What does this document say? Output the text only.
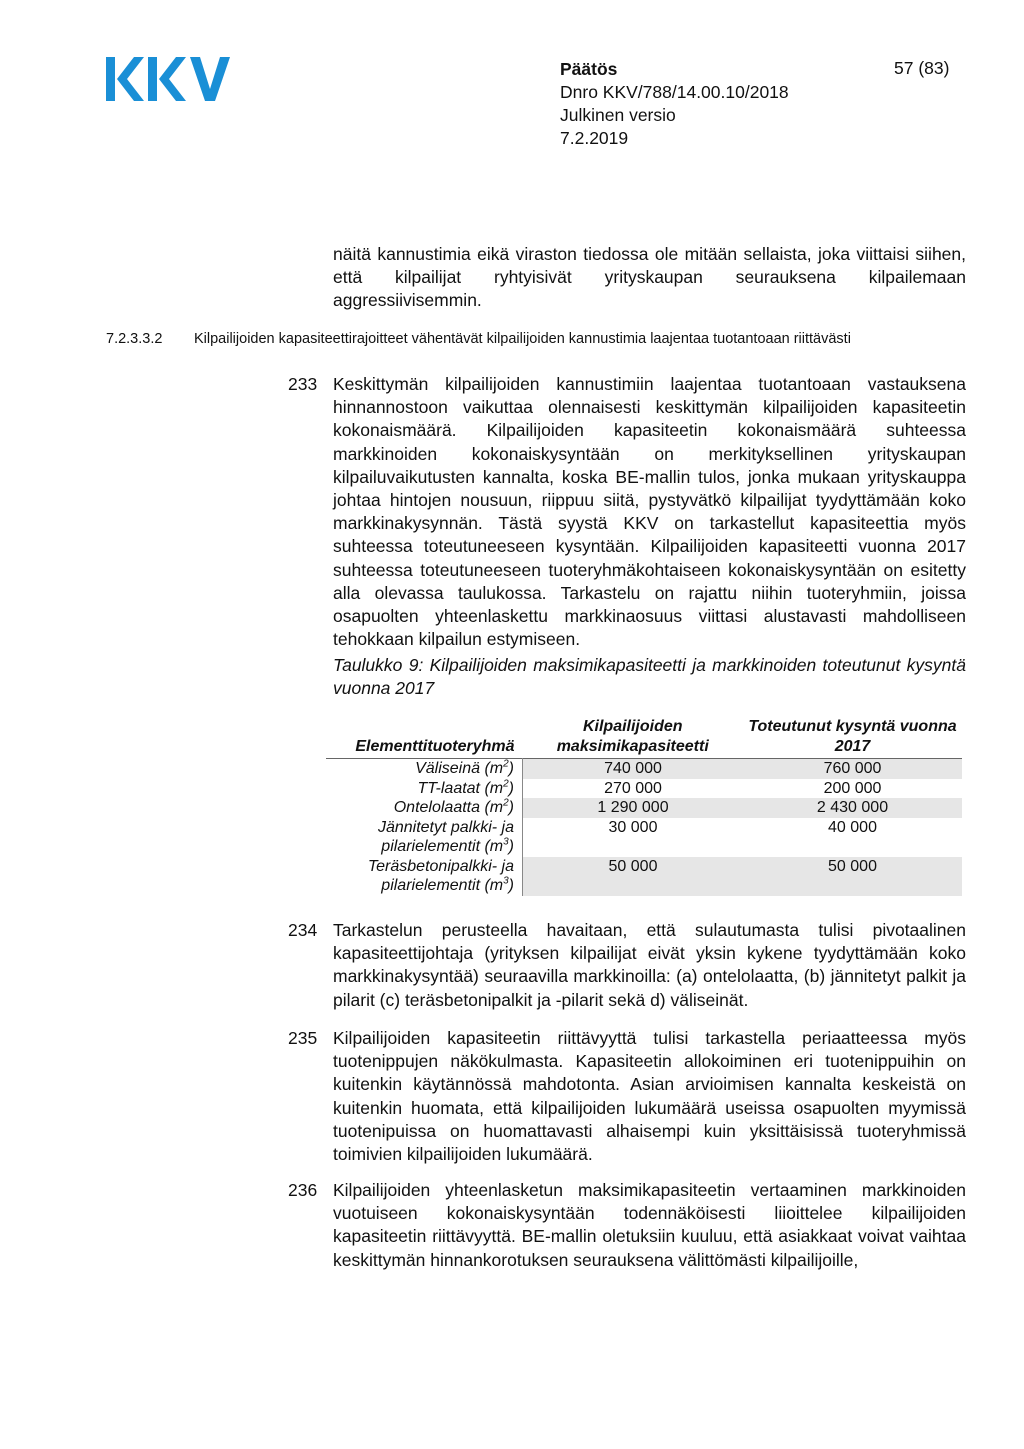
Päätös
Dnro KKV/788/14.00.10/2018
Julkinen versio
7.2.2019
57 (83)
näitä kannustimia eikä viraston tiedossa ole mitään sellaista, joka viittaisi siihen, että kilpailijat ryhtyisivät yrityskaupan seurauksena kilpailemaan aggressiivisemmin.
7.2.3.3.2 Kilpailijoiden kapasiteettirajoitteet vähentävät kilpailijoiden kannustimia laajentaa tuotantoaan riittävästi
233 Keskittymän kilpailijoiden kannustimiin laajentaa tuotantoaan vastauksena hinnannostoon vaikuttaa olennaisesti keskittymän kilpailijoiden kapasiteetin kokonaismäärä. Kilpailijoiden kapasiteetin kokonaismäärä suhteessa markkinoiden kokonaiskysyntään on merkityksellinen yrityskaupan kilpailuvaikutusten kannalta, koska BE-mallin tulos, jonka mukaan yrityskauppa johtaa hintojen nousuun, riippuu siitä, pystyvätkö kilpailijat tyydyttämään koko markkinakysynnän. Tästä syystä KKV on tarkastellut kapasiteettia myös suhteessa toteutuneeseen kysyntään. Kilpailijoiden kapasiteetti vuonna 2017 suhteessa toteutuneeseen tuoteryhmäkohtaiseen kokonaiskysyntään on esitetty alla olevassa taulukossa. Tarkastelu on rajattu niihin tuoteryhmiin, joissa osapuolten yhteenlaskettu markkinaosuus viittasi alustavasti mahdolliseen tehokkaan kilpailun estymiseen.
Taulukko 9: Kilpailijoiden maksimikapasiteetti ja markkinoiden toteutunut kysyntä vuonna 2017
Elementtituoteryhmä	Kilpailijoiden maksimikapasiteetti	Toteutunut kysyntä vuonna 2017
Väliseinä $(m^2)$	740 000	760 000
TT-laatat $(m^2)$	270 000	200 000
Ontelolaatta $(m^2)$	1 290 000	2 430 000

Jännitetyt palkki- ja
pilarielementit $(m^3)$	30 000	40 000

Teräsbetonipalkki- ja
pilarielementit $(m^3)$	50 000	50 000
234 Tarkastelun perusteella havaitaan, että sulautumasta tulisi pivotaalinen kapasiteettijohtaja (yrityksen kilpailijat eivät yksin kykene tyydyttämään koko markkinakysyntää) seuraavilla markkinoilla: (a) ontelolaatta, (b) jännitetyt palkit ja pilarit (c) teräsbetonipalkit ja -pilarit sekä d) väliseinät.
235 Kilpailijoiden kapasiteetin riittävyyttä tulisi tarkastella periaatteessa myös tuotenippujen näkökulmasta. Kapasiteetin allokoiminen eri tuotenippuihin on kuitenkin käytännössä mahdotonta. Asian arvioimisen kannalta keskeistä on kuitenkin huomata, että kilpailijoiden lukumäärä useissa osapuolten myymissä tuotenipuissa on huomattavasti alhaisempi kuin yksittäisissä tuoteryhmissä toimivien kilpailijoiden lukumäärä.
236 Kilpailijoiden yhteenlasketun maksimikapasiteetin vertaaminen markkinoiden vuotuiseen kokonaiskysyntään todennäköisesti liioittelee kilpailijoiden kapasiteetin riittävyyttä. BE-mallin oletuksiin kuuluu, että asiakkaat voivat vaihtaa keskittymän hinnankorotuksen seurauksena välittömästi kilpailijoille,
